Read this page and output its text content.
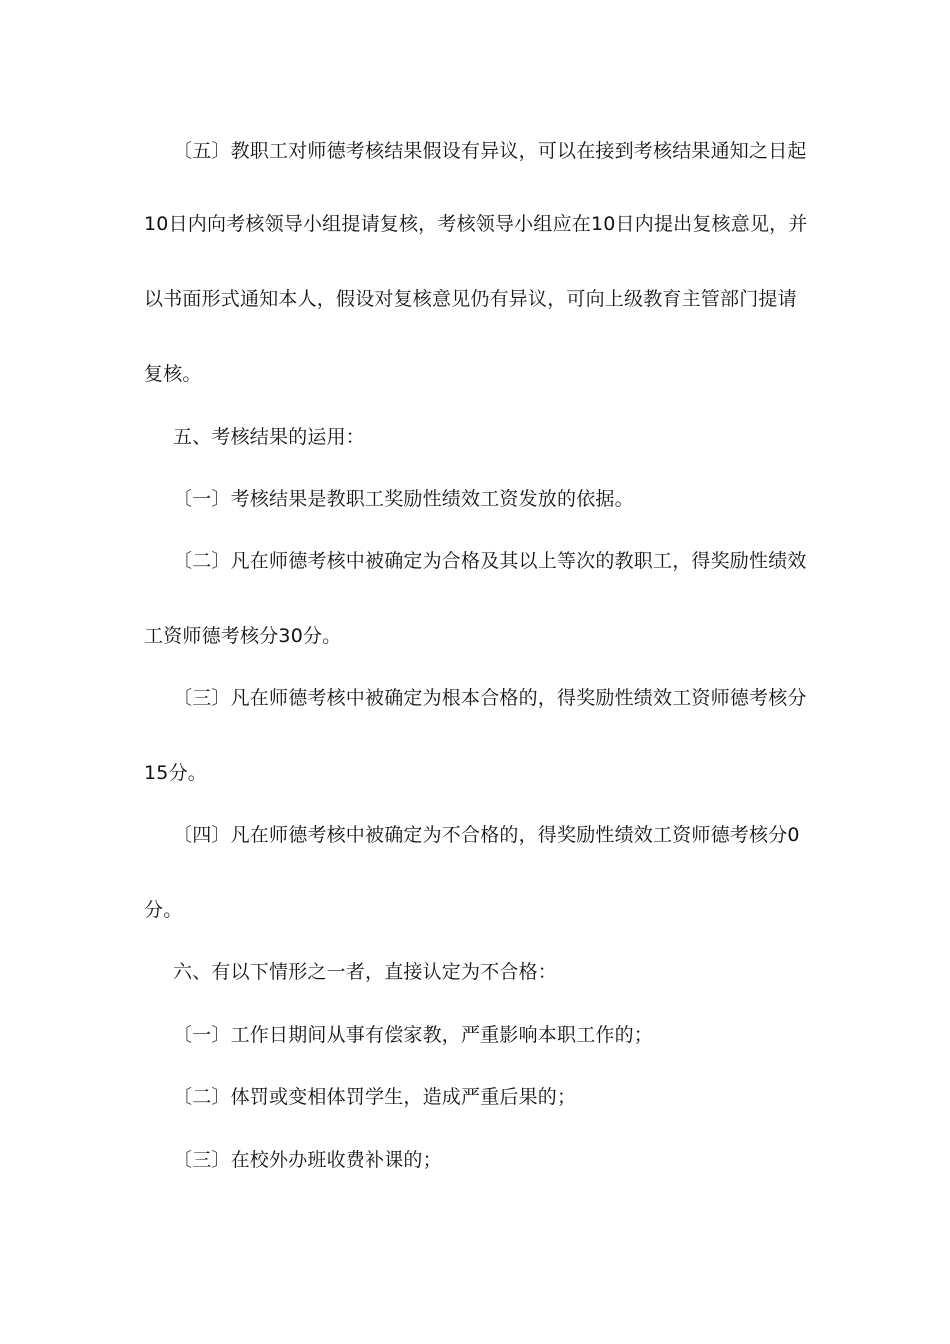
〔五〕教职工对师德考核结果假设有异议，可以在接到考核结果通知之日起
10日内向考核领导小组提请复核，考核领导小组应在10日内提出复核意见，并
以书面形式通知本人，假设对复核意见仍有异议，可向上级教育主管部门提请
复核。
五、考核结果的运用：
〔一〕考核结果是教职工奖励性绩效工资发放的依据。
〔二〕凡在师德考核中被确定为合格及其以上等次的教职工，得奖励性绩效
工资师德考核分30分。
〔三〕凡在师德考核中被确定为根本合格的，得奖励性绩效工资师德考核分
15分。
〔四〕凡在师德考核中被确定为不合格的，得奖励性绩效工资师德考核分0
分。
六、有以下情形之一者，直接认定为不合格：
〔一〕工作日期间从事有偿家教，严重影响本职工作的；
〔二〕体罚或变相体罚学生，造成严重后果的；
〔三〕在校外办班收费补课的；
